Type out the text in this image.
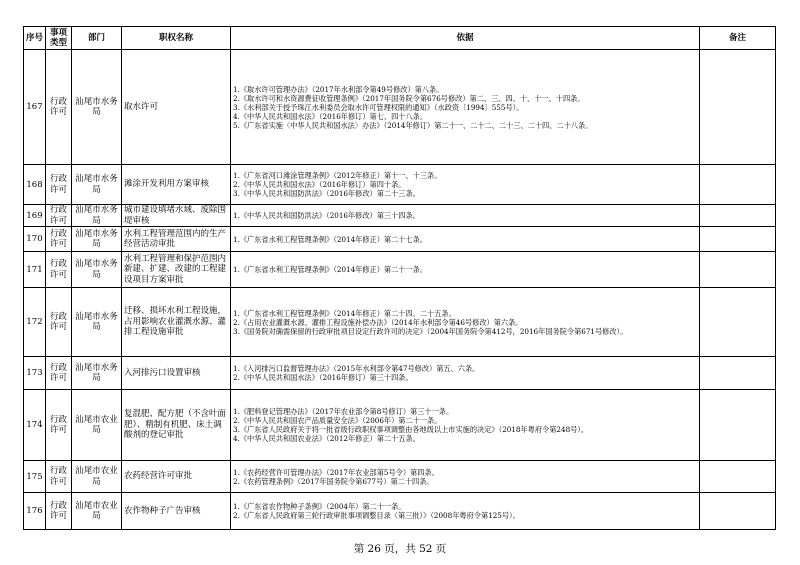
序号	事项类型	部门	职权名称	依据	备注
167	行政许可	汕尾市水务局	取水许可	1.《取水许可管理办法》（2017年水利部令第49号修改）第八条。
2.《取水许可和水资源费征收管理条例》（2017年国务院令第676号修改）第二、三、四、十、十一、十四条。
3.《水利部关于授予珠江水利委员会取水许可管理权限的通知》（水政资〔1994〕555号）。
4.《中华人民共和国水法》（2016年修订）第七、四十八条。
5.《广东省实施〈中华人民共和国水法〉办法》（2014年修订）第二十一、二十二、二十三、二十四、二十八条。	

168	行政许可	汕尾市水务局	滩涂开发利用方案审核	1.《广东省河口滩涂管理条例》（2012年修正）第十一、十三条。
2.《中华人民共和国水法》（2016年修订）第四十条。
3.《中华人民共和国防洪法》（2016年修改）第二十三条。	

169	行政许可	汕尾市水务局	城市建设填堵水域、废除围堤审核	1.《中华人民共和国防洪法》（2016年修改）第三十四条。	

170	行政许可	汕尾市水务局	水利工程管理范围内的生产经营活动审批	1.《广东省水利工程管理条例》（2014年修正）第二十七条。	

171	行政许可	汕尾市水务局	水利工程管理和保护范围内新建、扩建、改建的工程建设项目方案审批	1.《广东省水利工程管理条例》（2014年修正）第二十一条。	

172	行政许可	汕尾市水务局	迁移、损坏水利工程设施，占用影响农业灌溉水源、灌排工程设施审批	1.《广东省水利工程管理条例》（2014年修正）第二十四、二十五条。
2.《占用农业灌溉水源、灌排工程设施补偿办法》（2014年水利部令第46号修改）第六条。
3.《国务院对确需保留的行政审批项目设定行政许可的决定》（2004年国务院令第412号，2016年国务院令第671号修改）。	

173	行政许可	汕尾市水务局	入河排污口设置审核	1.《入河排污口监督管理办法》（2015年水利部令第47号修改）第五、六条。
2.《中华人民共和国水法》（2016年修订）第三十四条。	

174	行政许可	汕尾市农业局	复混肥、配方肥（不含叶面肥）、精制有机肥、床土调酸剂的登记审批	1.《肥料登记管理办法》（2017年农业部令第8号修订）第三十一条。
2.《中华人民共和国农产品质量安全法》（2006年）第二十一条。
3.《广东省人民政府关于将一批省级行政职权事项调整由各地级以上市实施的决定》（2018年粤府令第248号）。
4.《中华人民共和国农业法》（2012年修正）第二十五条。	

175	行政许可	汕尾市农业局	农药经营许可审批	1.《农药经营许可管理办法》（2017年农业部第5号令）第四条。
2.《农药管理条例》（2017年国务院令第677号）第二十四条。	

176	行政许可	汕尾市农业局	农作物种子广告审核	1.《广东省农作物种子条例》（2004年）第二十一条。
2.《广东省人民政府第三轮行政审批事项调整目录（第三批）》（2008年粤府令第125号）。	

第 26 页，共 52 页
